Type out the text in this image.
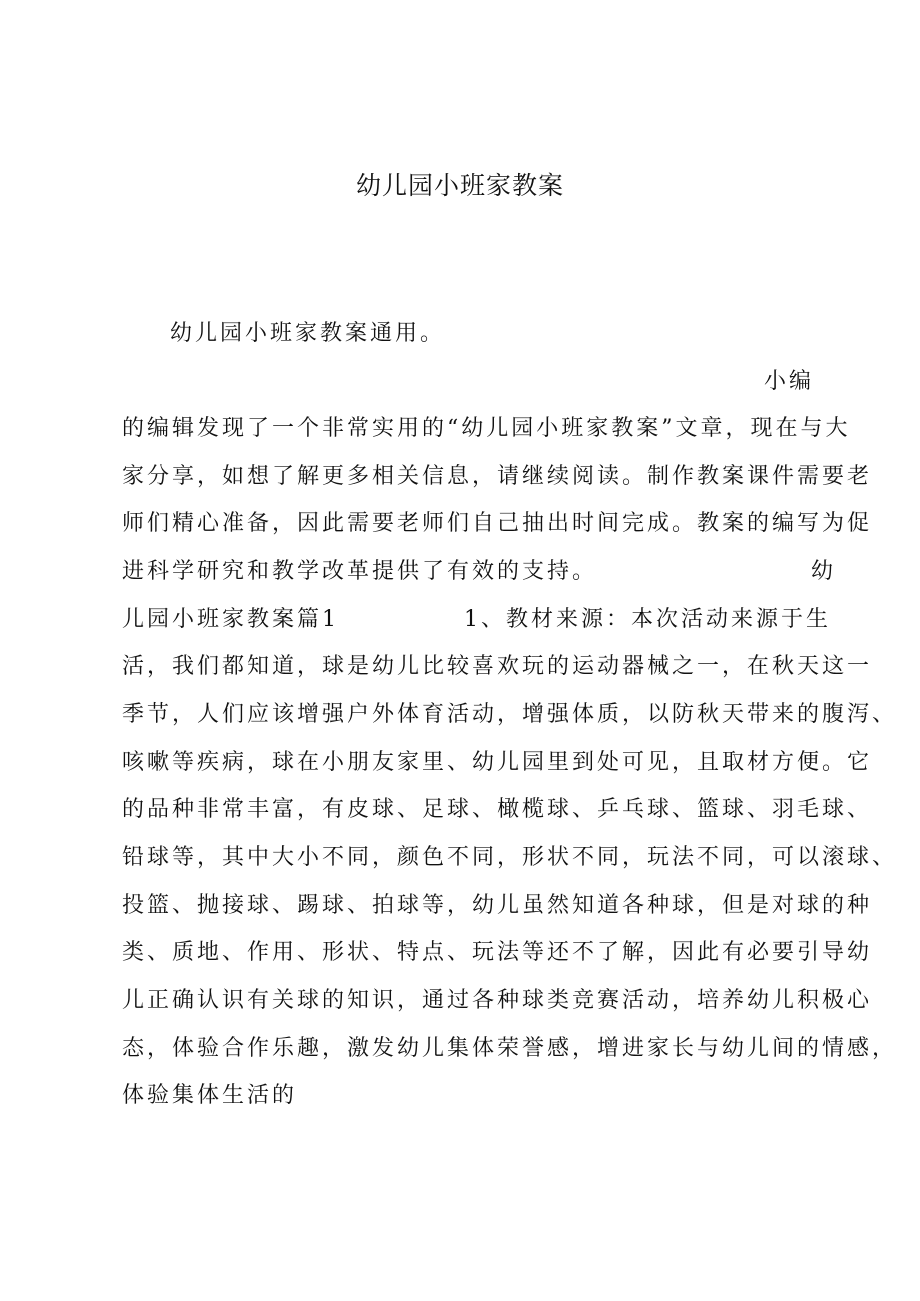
幼儿园小班家教案

幼儿园小班家教案通用。

小编

的编辑发现了一个非常实用的“幼儿园小班家教案”文章，现在与大

家分享，如想了解更多相关信息，请继续阅读。制作教案课件需要老

师们精心准备，因此需要老师们自己抽出时间完成。教案的编写为促

进科学研究和教学改革提供了有效的支持。　　　　　　　　　幼

儿园小班家教案篇1　　　　　1、教材来源：本次活动来源于生

活，我们都知道，球是幼儿比较喜欢玩的运动器械之一，在秋天这一

季节，人们应该增强户外体育活动，增强体质，以防秋天带来的腹泻、

咳嗽等疾病，球在小朋友家里、幼儿园里到处可见，且取材方便。它

的品种非常丰富，有皮球、足球、橄榄球、乒乓球、篮球、羽毛球、

铅球等，其中大小不同，颜色不同，形状不同，玩法不同，可以滚球、

投篮、抛接球、踢球、拍球等，幼儿虽然知道各种球，但是对球的种

类、质地、作用、形状、特点、玩法等还不了解，因此有必要引导幼

儿正确认识有关球的知识，通过各种球类竞赛活动，培养幼儿积极心

态，体验合作乐趣，激发幼儿集体荣誉感，增进家长与幼儿间的情感，

体验集体生活的
